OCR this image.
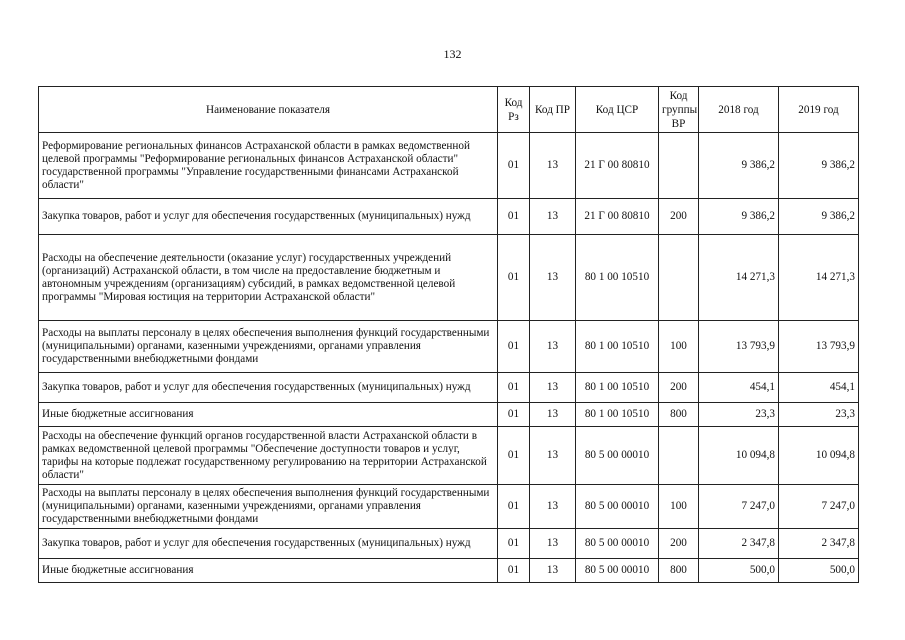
132
Наименование показателя	Код Рз	Код ПР	Код ЦСР	Код группы ВР	2018 год	2019 год
Реформирование региональных финансов Астраханской области в рамках ведомственной целевой программы "Реформирование региональных финансов Астраханской области" государственной программы "Управление государственными финансами Астраханской области"	01	13	21 Г 00 80810		9 386,2	9 386,2
Закупка товаров, работ и услуг для обеспечения государственных (муниципальных) нужд	01	13	21 Г 00 80810	200	9 386,2	9 386,2
Расходы на обеспечение деятельности (оказание услуг) государственных учреждений (организаций) Астраханской области, в том числе на предоставление бюджетным и автономным учреждениям (организациям) субсидий, в рамках ведомственной целевой программы "Мировая юстиция на территории Астраханской области"	01	13	80 1 00 10510		14 271,3	14 271,3
Расходы на выплаты персоналу в целях обеспечения выполнения функций государственными (муниципальными) органами, казенными учреждениями, органами управления государственными внебюджетными фондами	01	13	80 1 00 10510	100	13 793,9	13 793,9
Закупка товаров, работ и услуг для обеспечения государственных (муниципальных) нужд	01	13	80 1 00 10510	200	454,1	454,1
Иные бюджетные ассигнования	01	13	80 1 00 10510	800	23,3	23,3
Расходы на обеспечение функций органов государственной власти Астраханской области в рамках ведомственной целевой программы "Обеспечение доступности товаров и услуг, тарифы на которые подлежат государственному регулированию на территории Астраханской области"	01	13	80 5 00 00010		10 094,8	10 094,8
Расходы на выплаты персоналу в целях обеспечения выполнения функций государственными (муниципальными) органами, казенными учреждениями, органами управления государственными внебюджетными фондами	01	13	80 5 00 00010	100	7 247,0	7 247,0
Закупка товаров, работ и услуг для обеспечения государственных (муниципальных) нужд	01	13	80 5 00 00010	200	2 347,8	2 347,8
Иные бюджетные ассигнования	01	13	80 5 00 00010	800	500,0	500,0
